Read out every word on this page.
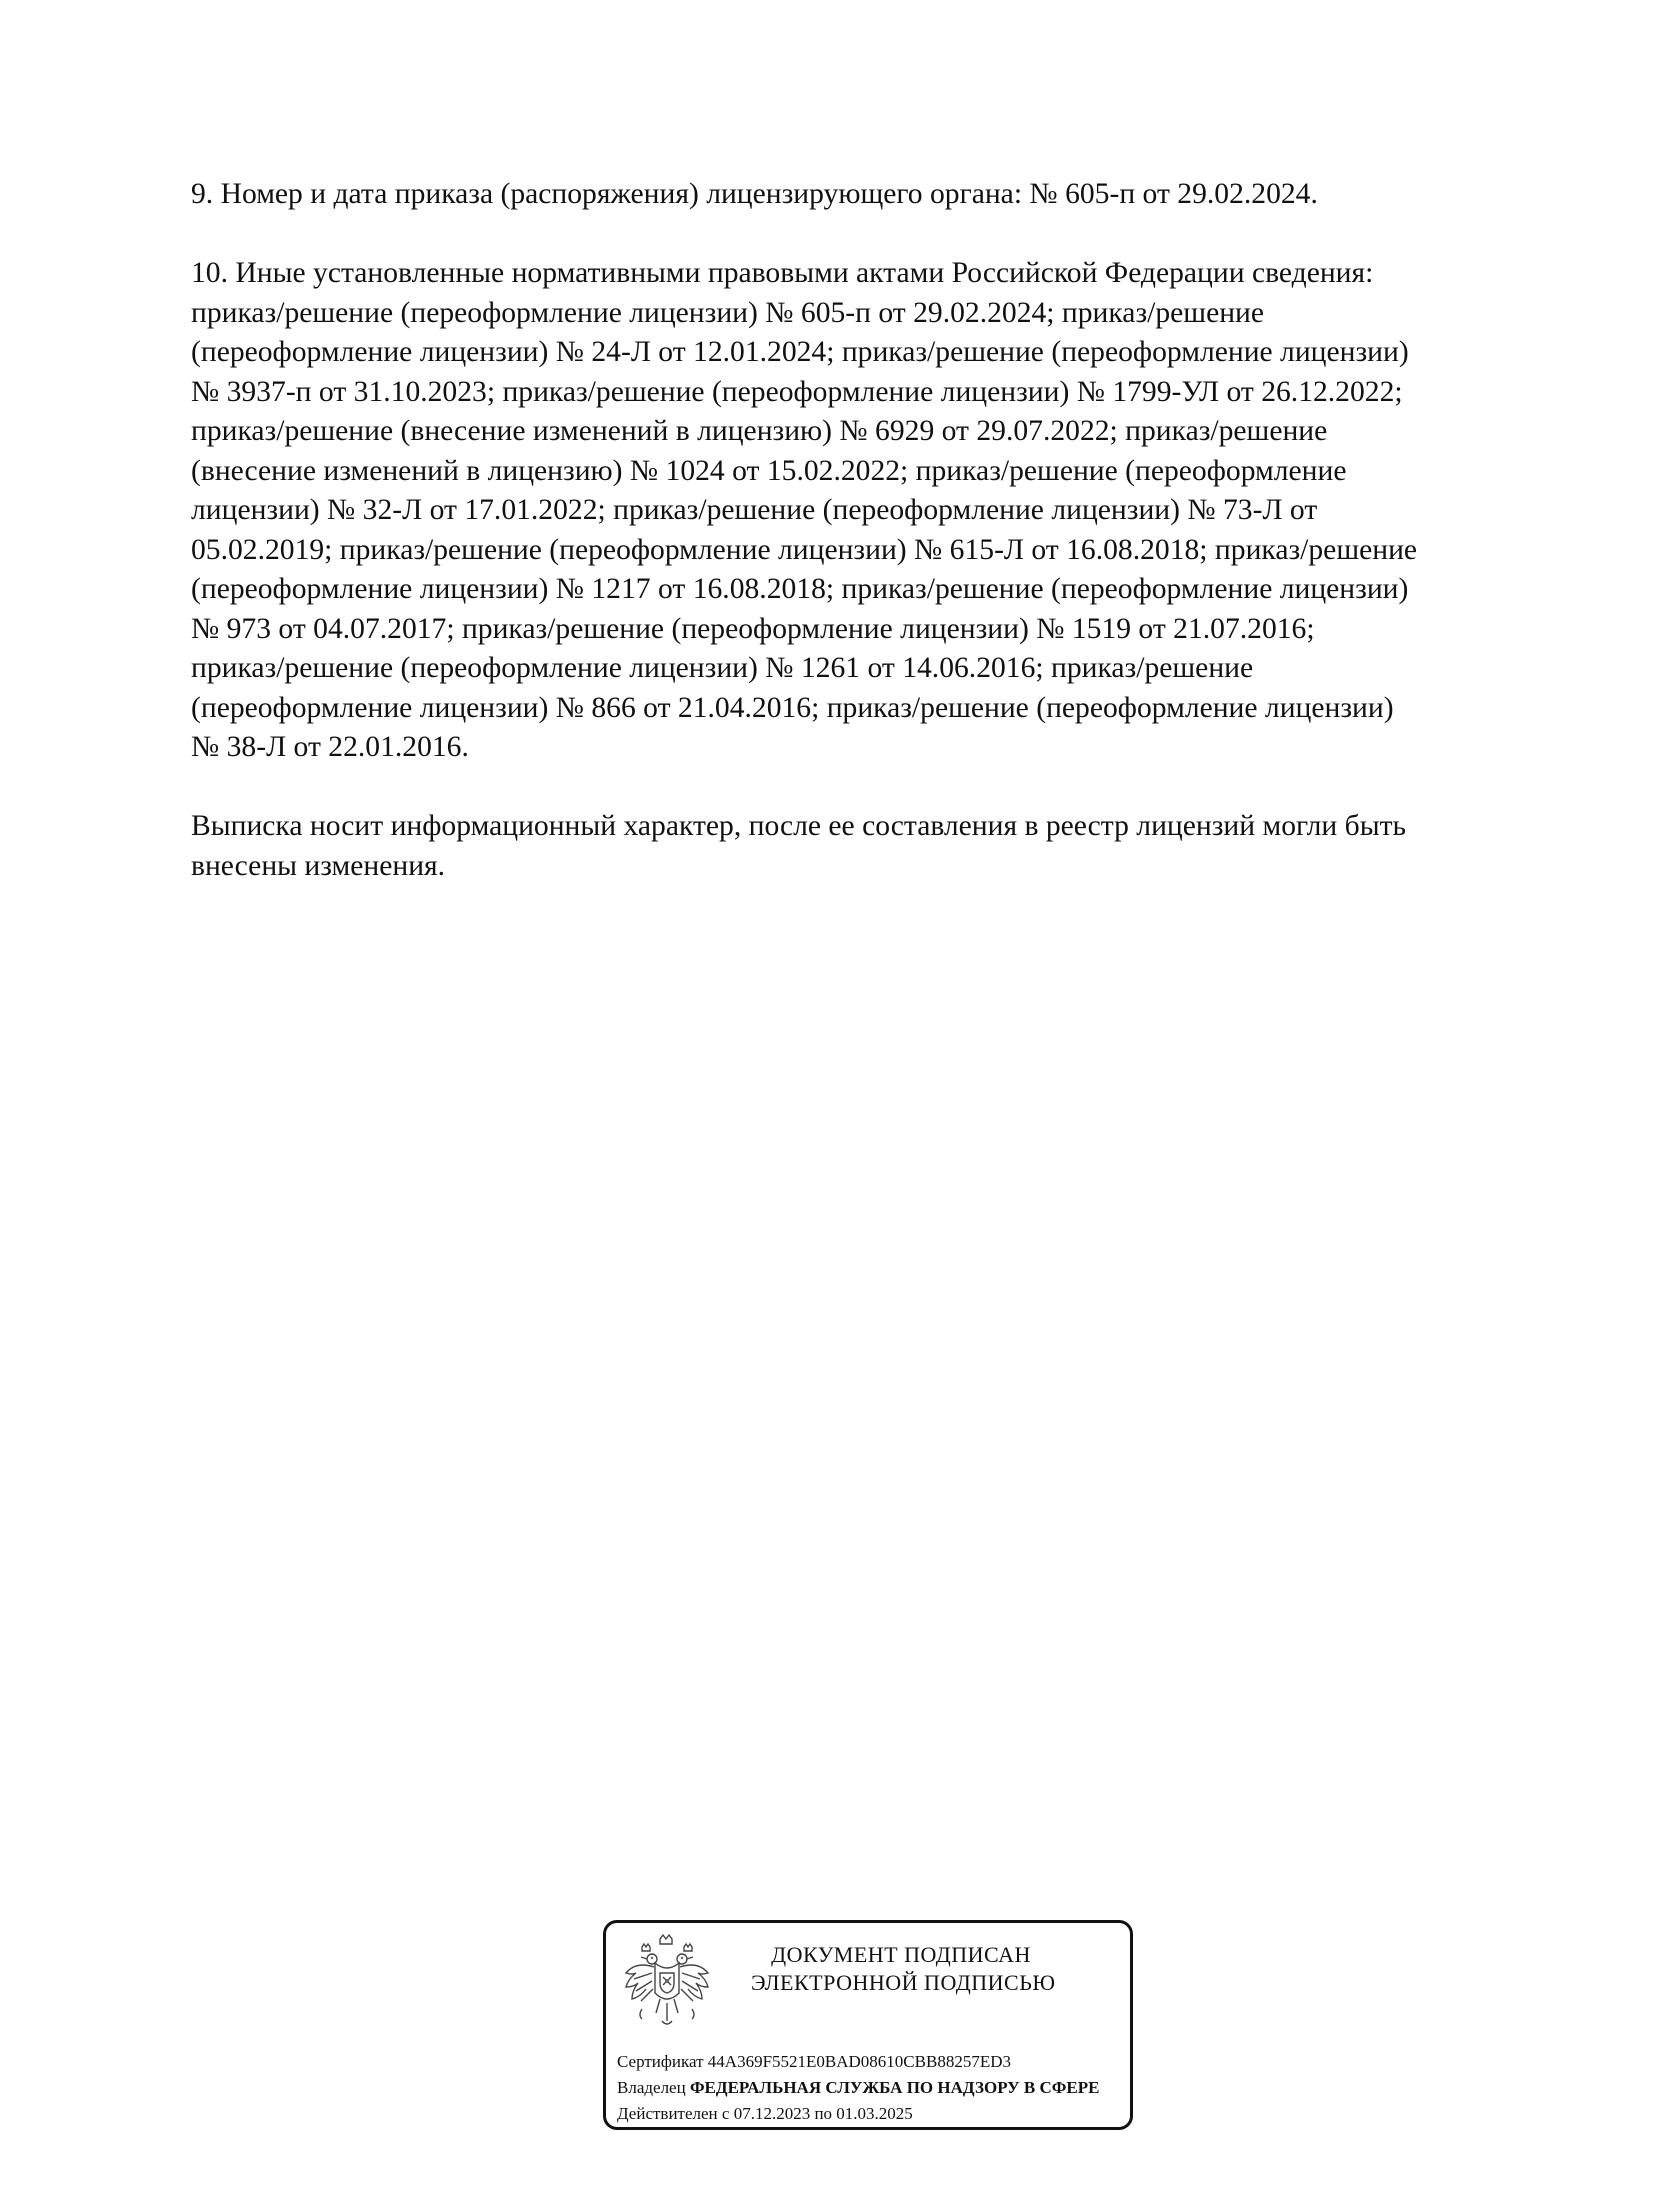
9. Номер и дата приказа (распоряжения) лицензирующего органа: № 605-п от 29.02.2024.

10. Иные установленные нормативными правовыми актами Российской Федерации сведения:
приказ/решение (переоформление лицензии) № 605-п от 29.02.2024; приказ/решение
(переоформление лицензии) № 24-Л от 12.01.2024; приказ/решение (переоформление лицензии)
№ 3937-п от 31.10.2023; приказ/решение (переоформление лицензии) № 1799-УЛ от 26.12.2022;
приказ/решение (внесение изменений в лицензию) № 6929 от 29.07.2022; приказ/решение
(внесение изменений в лицензию) № 1024 от 15.02.2022; приказ/решение (переоформление
лицензии) № 32-Л от 17.01.2022; приказ/решение (переоформление лицензии) № 73-Л от
05.02.2019; приказ/решение (переоформление лицензии) № 615-Л от 16.08.2018; приказ/решение
(переоформление лицензии) № 1217 от 16.08.2018; приказ/решение (переоформление лицензии)
№ 973 от 04.07.2017; приказ/решение (переоформление лицензии) № 1519 от 21.07.2016;
приказ/решение (переоформление лицензии) № 1261 от 14.06.2016; приказ/решение
(переоформление лицензии) № 866 от 21.04.2016; приказ/решение (переоформление лицензии)
№ 38-Л от 22.01.2016.

Выписка носит информационный характер, после ее составления в реестр лицензий могли быть
внесены изменения.

ДОКУМЕНТ ПОДПИСАН
ЭЛЕКТРОННОЙ ПОДПИСЬЮ
Сертификат 44A369F5521E0BAD08610CBB88257ED3
Владелец ФЕДЕРАЛЬНАЯ СЛУЖБА ПО НАДЗОРУ В СФЕРЕ
Действителен с 07.12.2023 по 01.03.2025
